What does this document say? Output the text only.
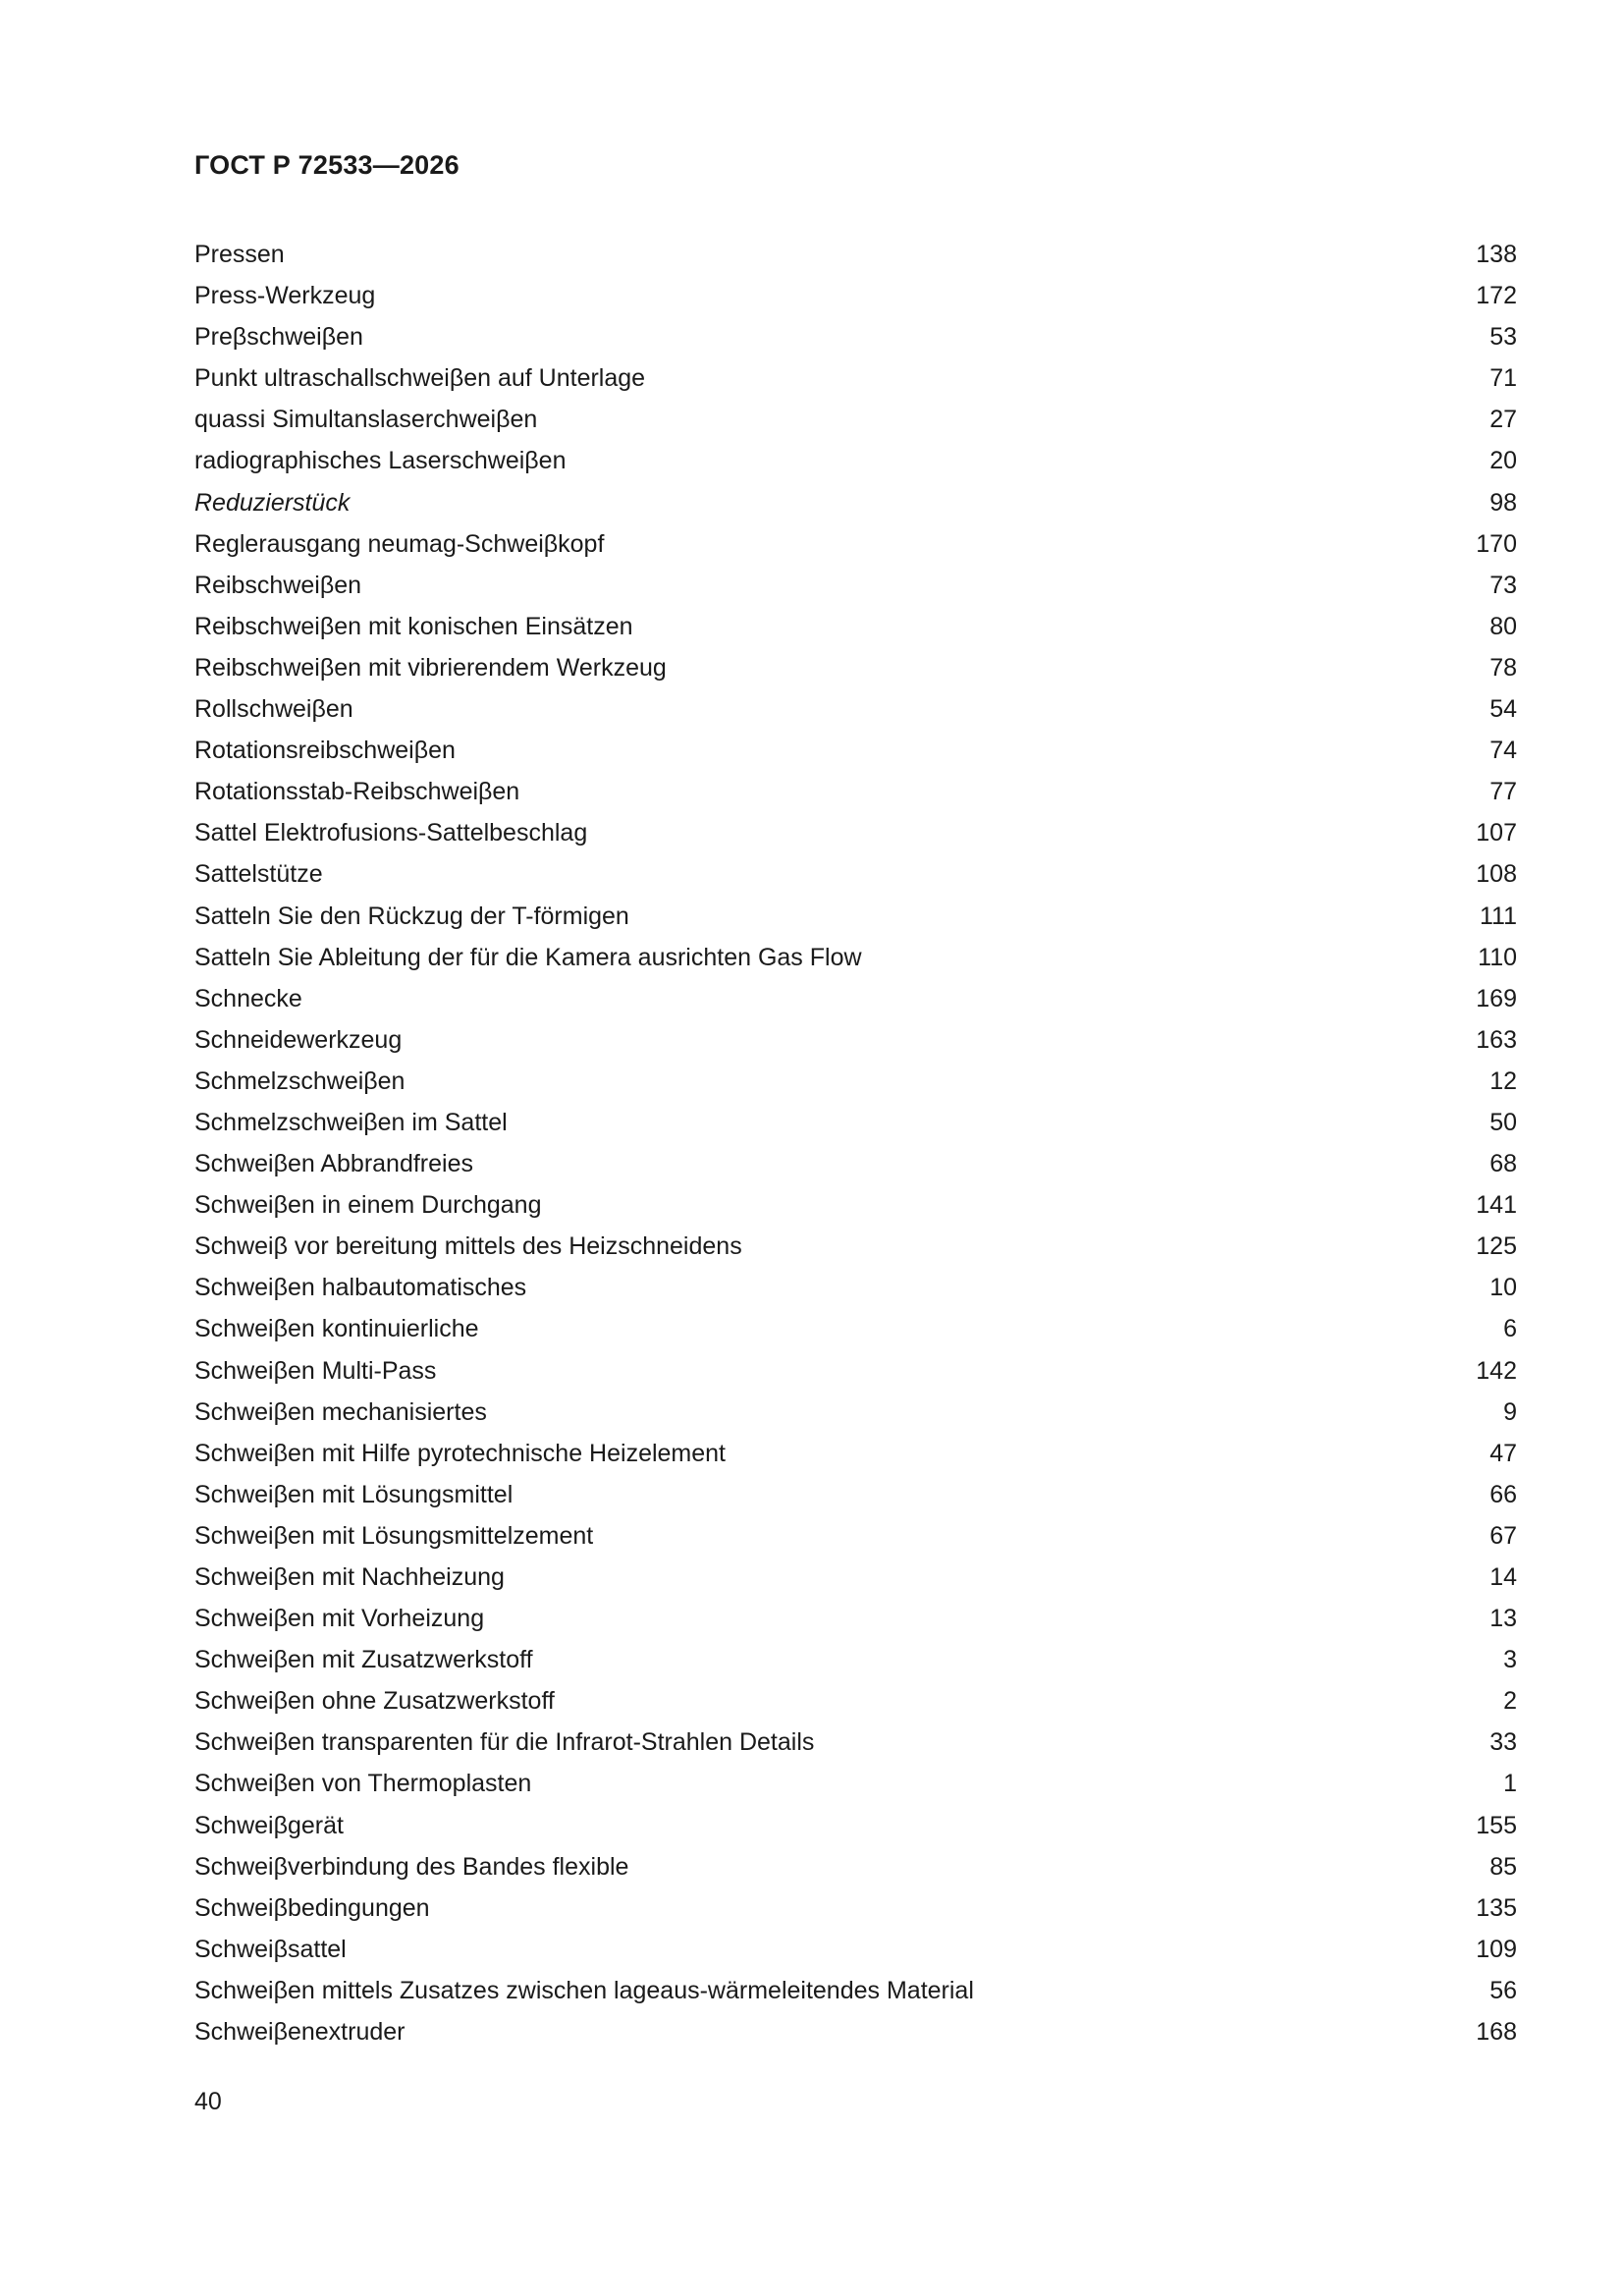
ГОСТ Р 72533—2026
Pressen	138
Press-Werkzeug	172
Preβschweiβen	53
Punkt ultraschallschweiβen auf Unterlage	71
quassi Simultanslaserchweiβen	27
radiographisches Laserschweiβen	20
Reduzierstück	98
Reglerausgang neumag-Schweiβkopf	170
Reibschweiβen	73
Reibschweiβen mit konischen Einsätzen	80
Reibschweiβen mit vibrierendem Werkzeug	78
Rollschweiβen	54
Rotationsreibschweiβen	74
Rotationsstab-Reibschweiβen	77
Sattel Elektrofusions-Sattelbeschlag	107
Sattelstütze	108
Satteln Sie den Rückzug der T-förmigen	111
Satteln Sie Ableitung der für die Kamera ausrichten Gas Flow	110
Schnecke	169
Schneidewerkzeug	163
Schmelzschweiβen	12
Schmelzschweiβen im Sattel	50
Schweiβen Abbrandfreies	68
Schweiβen in einem Durchgang	141
Schweiβ vor bereitung mittels des Heizschneidens	125
Schweiβen halbautomatisches	10
Schweiβen kontinuierliche	6
Schweiβen Multi-Pass	142
Schweiβen mechanisiertes	9
Schweiβen mit Hilfe pyrotechnische Heizelement	47
Schweiβen mit Lösungsmittel	66
Schweiβen mit Lösungsmittelzement	67
Schweiβen mit Nachheizung	14
Schweiβen mit Vorheizung	13
Schweiβen mit Zusatzwerkstoff	3
Schweiβen ohne Zusatzwerkstoff	2
Schweiβen transparenten für die Infrarot-Strahlen Details	33
Schweiβen von Thermoplasten	1
Schweiβgerät	155
Schweiβverbindung des Bandes flexible	85
Schweiβbedingungen	135
Schweiβsattel	109
Schweiβen mittels Zusatzes zwischen lageaus-wärmeleitendes Material	56
Schweiβenextruder	168
40
